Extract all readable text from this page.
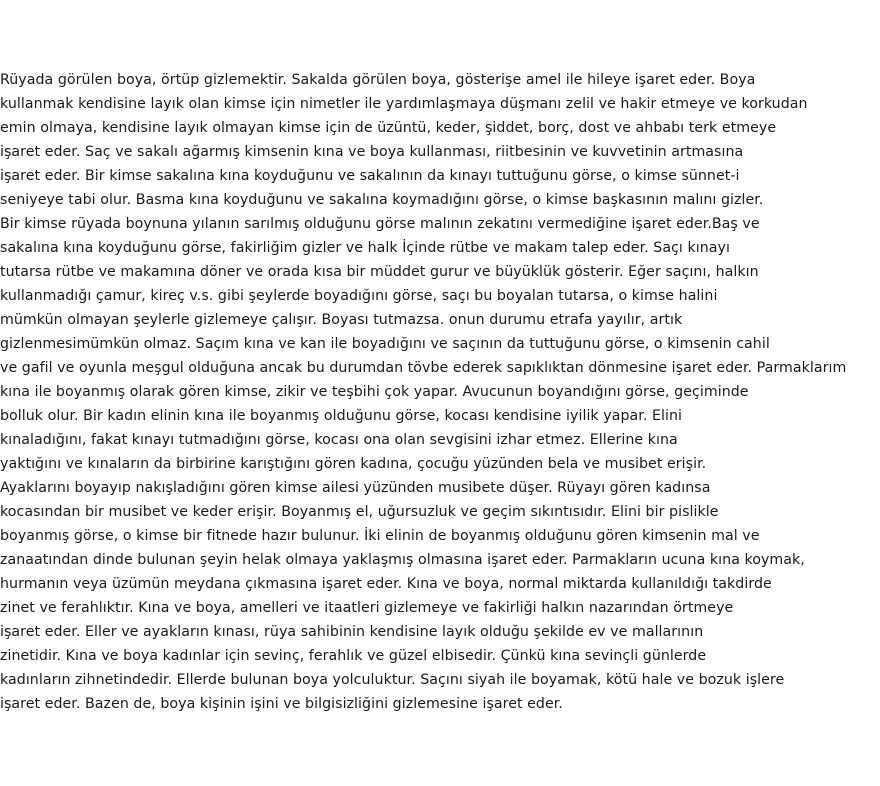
Rüyada görülen boya, örtüp gizlemektir. Sakalda görülen boya, gösterişe amel ile hileye işaret eder. Boya
kullanmak kendisine layık olan kimse için nimetler ile yardımlaşmaya düşmanı zelil ve hakir etmeye ve korkudan
emin olmaya, kendisine layık olmayan kimse için de üzüntü, keder, şiddet, borç, dost ve ahbabı terk etmeye
işaret eder. Saç ve sakalı ağarmış kimsenin kına ve boya kullanması, riitbesinin ve kuvvetinin artmasına
işaret eder. Bir kimse sakalına kına koyduğunu ve sakalının da kınayı tuttuğunu görse, o kimse sünnet-i
seniyeye tabi olur. Basma kına koyduğunu ve sakalına koymadığını görse, o kimse başkasının malını gizler.
Bir kimse rüyada boynuna yılanın sarılmış olduğunu görse malının zekatını vermediğine işaret eder.Baş ve
sakalına kına koyduğunu görse, fakirliğim gizler ve halk İçinde rütbe ve makam talep eder. Saçı kınayı
tutarsa rütbe ve makamına döner ve orada kısa bir müddet gurur ve büyüklük gösterir. Eğer saçını, halkın
kullanmadığı çamur, kireç v.s. gibi şeylerde boyadığını görse, saçı bu boyalan tutarsa, o kimse halini
mümkün olmayan şeylerle gizlemeye çalışır. Boyası tutmazsa. onun durumu etrafa yayılır, artık
gizlenmesimümkün olmaz. Saçım kına ve kan ile boyadığını ve saçının da tuttuğunu görse, o kimsenin cahil
ve gafil ve oyunla meşgul olduğuna ancak bu durumdan tövbe ederek sapıklıktan dönmesine işaret eder. Parmaklarım
kına ile boyanmış olarak gören kimse, zikir ve teşbihi çok yapar. Avucunun boyandığını görse, geçiminde
bolluk olur. Bir kadın elinin kına ile boyanmış olduğunu görse, kocası kendisine iyilik yapar. Elini
kınaladığını, fakat kınayı tutmadığını görse, kocası ona olan sevgisini izhar etmez. Ellerine kına
yaktığını ve kınaların da birbirine karıştığını gören kadına, çocuğu yüzünden bela ve musibet erişir.
Ayaklarını boyayıp nakışladığını gören kimse ailesi yüzünden musibete düşer. Rüyayı gören kadınsa
kocasından bir musibet ve keder erişir. Boyanmış el, uğursuzluk ve geçim sıkıntısıdır. Elini bir pislikle
boyanmış görse, o kimse bir fitnede hazır bulunur. İki elinin de boyanmış olduğunu gören kimsenin mal ve
zanaatından dinde bulunan şeyin helak olmaya yaklaşmış olmasına işaret eder. Parmakların ucuna kına koymak,
hurmanın veya üzümün meydana çıkmasına işaret eder. Kına ve boya, normal miktarda kullanıldığı takdirde
zinet ve ferahlıktır. Kına ve boya, amelleri ve itaatleri gizlemeye ve fakirliği halkın nazarından örtmeye
işaret eder. Eller ve ayakların kınası, rüya sahibinin kendisine layık olduğu şekilde ev ve mallarının
zinetidir. Kına ve boya kadınlar için sevinç, ferahlık ve güzel elbisedir. Çünkü kına sevinçli günlerde
kadınların zihnetindedir. Ellerde bulunan boya yolculuktur. Saçını siyah ile boyamak, kötü hale ve bozuk işlere
işaret eder. Bazen de, boya kişinin işini ve bilgisizliğini gizlemesine işaret eder.
